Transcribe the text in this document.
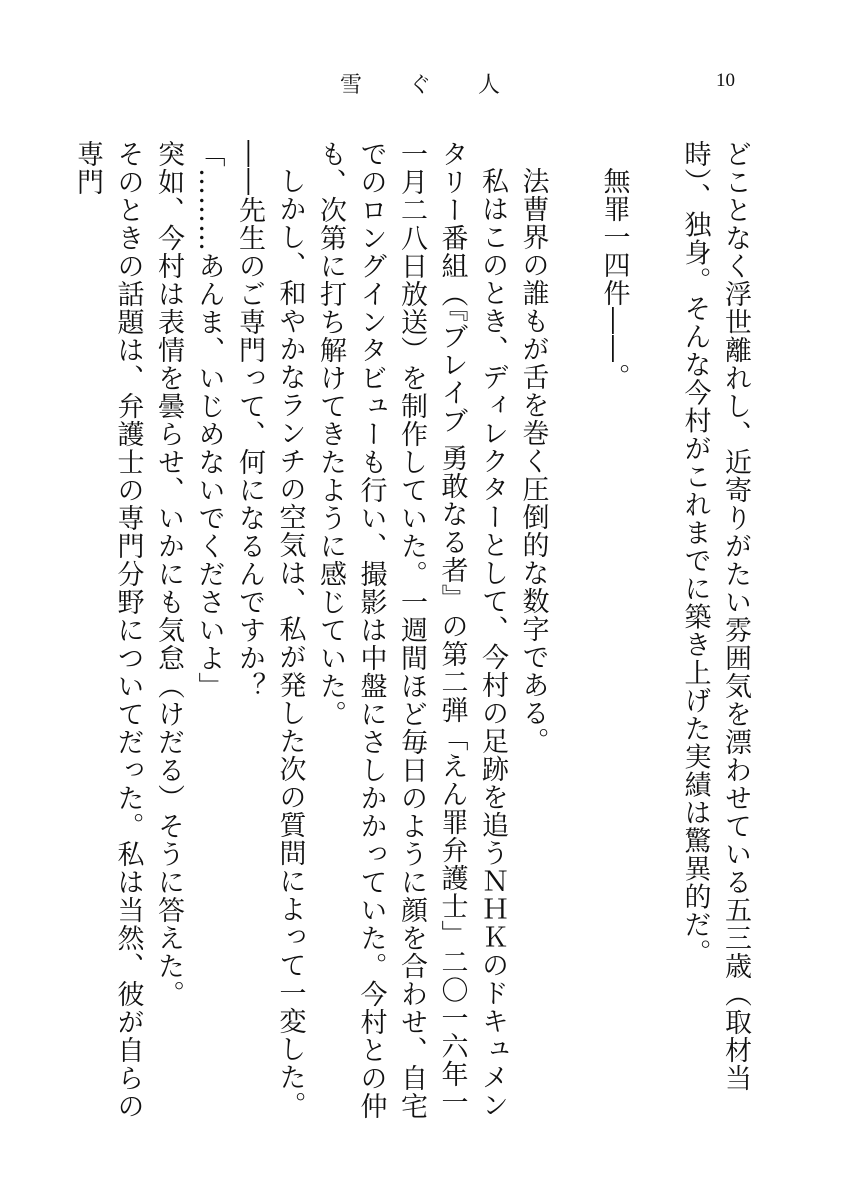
雪 ぐ 人	10

どことなく浮世離れし、近寄りがたい雰囲気を漂わせている五三歳（取材当時）、独身。そんな今村がこれまでに築き上げた実績は驚異的だ。

無罪一四件――。

法曹界の誰もが舌を巻く圧倒的な数字である。

私はこのとき、ディレクターとして、今村の足跡を追うＮＨＫのドキュメンタリー番組（『ブレイブ 勇敢なる者』の第二弾「えん罪弁護士」二〇一六年一一月二八日放送）を制作していた。一週間ほど毎日のように顔を合わせ、自宅でのロングインタビューも行い、撮影は中盤にさしかかっていた。今村との仲も、次第に打ち解けてきたように感じていた。

しかし、和やかなランチの空気は、私が発した次の質問によって一変した。

――先生のご専門って、何になるんですか？

「………あんま、いじめないでくださいよ」

突如、今村は表情を曇らせ、いかにも気怠（けだる）そうに答えた。

そのときの話題は、弁護士の専門分野についてだった。私は当然、彼が自らの専門
